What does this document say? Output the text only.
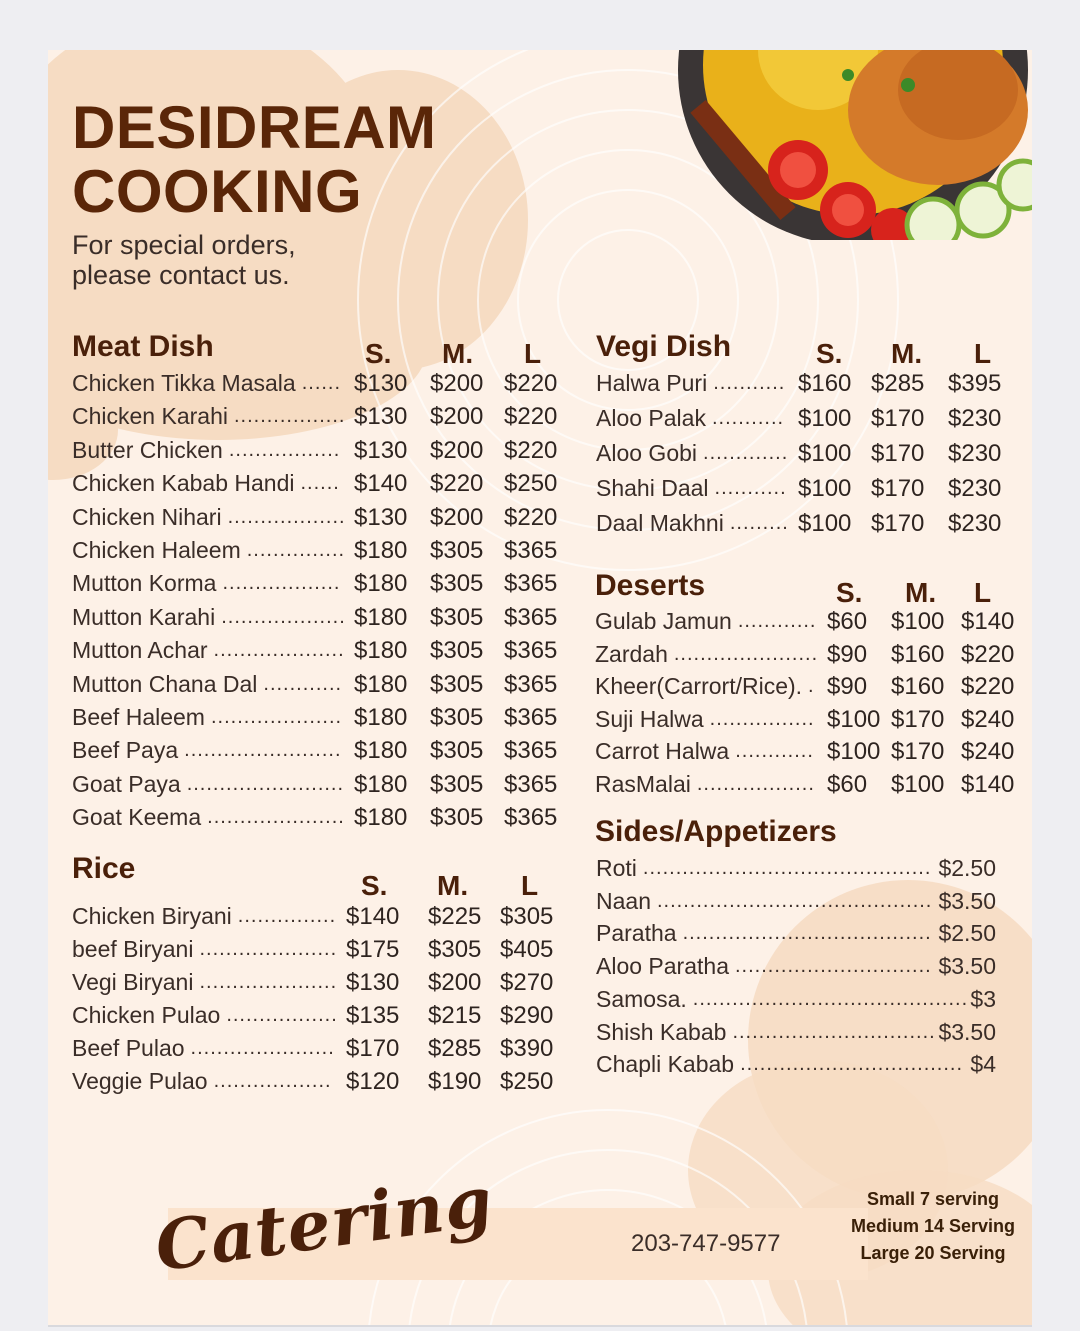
DESIDREAM
COOKING

For special orders,
please contact us.

Meat Dish	S. M. L
Chicken Tikka Masala ...... $130 $200 $220
Chicken Karahi ................. $130 $200 $220
Butter Chicken ................. $130 $200 $220
Chicken Kabab Handi ...... $140 $220 $250
Chicken Nihari .................. $130 $200 $220
Chicken Haleem ............... $180 $305 $365
Mutton Korma .................. $180 $305 $365
Mutton Karahi ................... $180 $305 $365
Mutton Achar .................... $180 $305 $365
Mutton Chana Dal ............ $180 $305 $365
Beef Haleem .................... $180 $305 $365
Beef Paya ........................ $180 $305 $365
Goat Paya ........................ $180 $305 $365
Goat Keema ..................... $180 $305 $365
Rice
S. M. L
Chicken Biryani ............... $140 $225 $305
beef Biryani ..................... $175 $305 $405
Vegi Biryani ..................... $130 $200 $270
Chicken Pulao ................. $135 $215 $290
Beef Pulao ...................... $170 $285 $390
Veggie Pulao .................. $120 $190 $250
Vegi Dish	S. M. L
Halwa Puri ........... $160 $285 $395
Aloo Palak ........... $100 $170 $230
Aloo Gobi ............. $100 $170 $230
Shahi Daal ........... $100 $170 $230
Daal Makhni ......... $100 $170 $230
Deserts	S. M. L
Gulab Jamun ............ $60 $100 $140
Zardah ...................... $90 $160 $220
Kheer(Carrort/Rice). . $90 $160 $220
Suji Halwa ................ $100 $170 $240
Carrot Halwa ............ $100 $170 $240
RasMalai .................. $60 $100 $140
Sides/Appetizers
Roti ............................................ $2.50
Naan .......................................... $3.50
Paratha ...................................... $2.50
Aloo Paratha .............................. $3.50
Samosa. .......................................... $3
Shish Kabab ............................... $3.50
Chapli Kabab .................................. $4
Catering	203-747-9577
Small 7 serving
Medium 14 Serving
Large 20 Serving
